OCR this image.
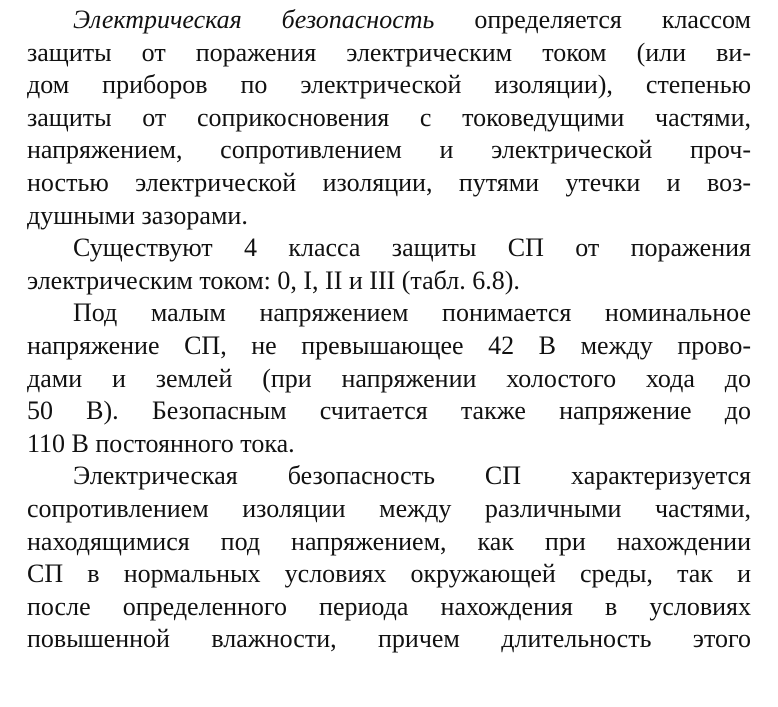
Электрическая безопасность определяется классом
защиты от поражения электрическим током (или ви-
дом приборов по электрической изоляции), степенью
защиты от соприкосновения с токоведущими частями,
напряжением, сопротивлением и электрической проч-
ностью электрической изоляции, путями утечки и воз-
душными зазорами.
Существуют 4 класса защиты СП от поражения
электрическим током: 0, I, II и III (табл. 6.8).
Под малым напряжением понимается номинальное
напряжение СП, не превышающее 42 В между прово-
дами и землей (при напряжении холостого хода до
50 В). Безопасным считается также напряжение до
110 В постоянного тока.
Электрическая безопасность СП характеризуется
сопротивлением изоляции между различными частями,
находящимися под напряжением, как при нахождении
СП в нормальных условиях окружающей среды, так и
после определенного периода нахождения в условиях
повышенной влажности, причем длительность этого
